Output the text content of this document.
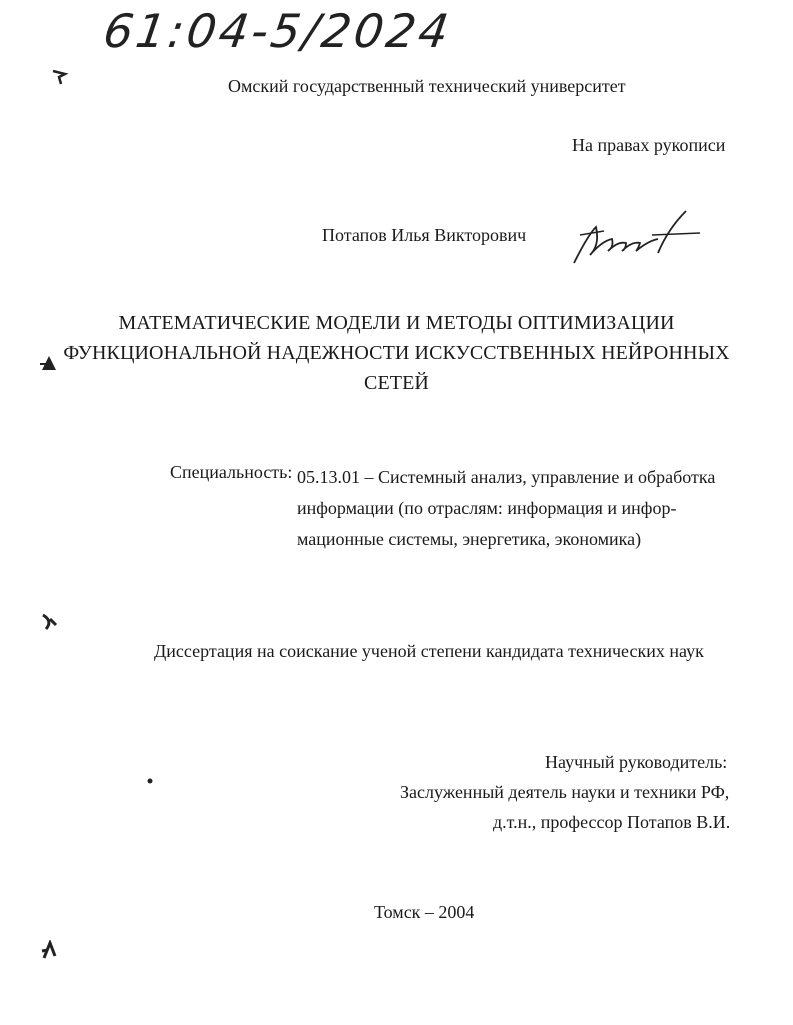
61:04-5/2024
Омский государственный технический университет
На правах рукописи
Потапов Илья Викторович
МАТЕМАТИЧЕСКИЕ МОДЕЛИ И МЕТОДЫ ОПТИМИЗАЦИИ
ФУНКЦИОНАЛЬНОЙ НАДЕЖНОСТИ ИСКУССТВЕННЫХ НЕЙРОННЫХ
СЕТЕЙ
Специальность: 05.13.01 – Системный анализ, управление и обработка
информации (по отраслям: информация и инфор-
мационные системы, энергетика, экономика)
Диссертация на соискание ученой степени кандидата технических наук
Научный руководитель:
Заслуженный деятель науки и техники РФ,
д.т.н., профессор Потапов В.И.
Томск – 2004
